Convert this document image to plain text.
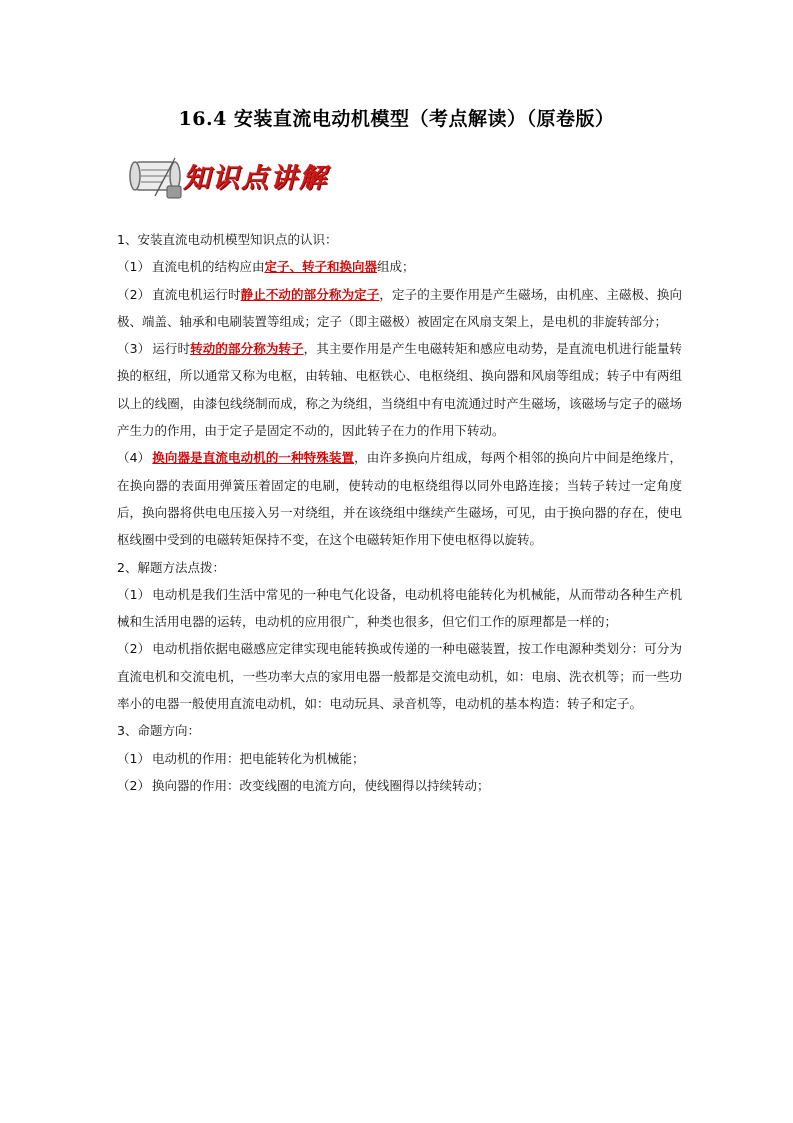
16.4 安装直流电动机模型（考点解读）（原卷版）
知识点讲解

1、安装直流电动机模型知识点的认识：

（1） 直流电机的结构应由定子、转子和换向器组成；

（2） 直流电机运行时静止不动的部分称为定子，定子的主要作用是产生磁场，由机座、主磁极、换向极、端盖、轴承和电刷装置等组成；定子（即主磁极）被固定在风扇支架上，是电机的非旋转部分；

（3） 运行时转动的部分称为转子，其主要作用是产生电磁转矩和感应电动势，是直流电机进行能量转换的枢纽，所以通常又称为电枢，由转轴、电枢铁心、电枢绕组、换向器和风扇等组成；转子中有两组以上的线圈，由漆包线绕制而成，称之为绕组，当绕组中有电流通过时产生磁场，该磁场与定子的磁场产生力的作用，由于定子是固定不动的，因此转子在力的作用下转动。

（4） 换向器是直流电动机的一种特殊装置，由许多换向片组成，每两个相邻的换向片中间是绝缘片，在换向器的表面用弹簧压着固定的电刷，使转动的电枢绕组得以同外电路连接；当转子转过一定角度后，换向器将供电电压接入另一对绕组，并在该绕组中继续产生磁场，可见，由于换向器的存在，使电枢线圈中受到的电磁转矩保持不变，在这个电磁转矩作用下使电枢得以旋转。

2、解题方法点拨：

（1） 电动机是我们生活中常见的一种电气化设备，电动机将电能转化为机械能，从而带动各种生产机械和生活用电器的运转，电动机的应用很广，种类也很多，但它们工作的原理都是一样的；

（2） 电动机指依据电磁感应定律实现电能转换或传递的一种电磁装置，按工作电源种类划分：可分为直流电机和交流电机，一些功率大点的家用电器一般都是交流电动机，如：电扇、洗衣机等；而一些功率小的电器一般使用直流电动机，如：电动玩具、录音机等，电动机的基本构造：转子和定子。

3、命题方向：

（1） 电动机的作用：把电能转化为机械能；

（2） 换向器的作用：改变线圈的电流方向，使线圈得以持续转动；
